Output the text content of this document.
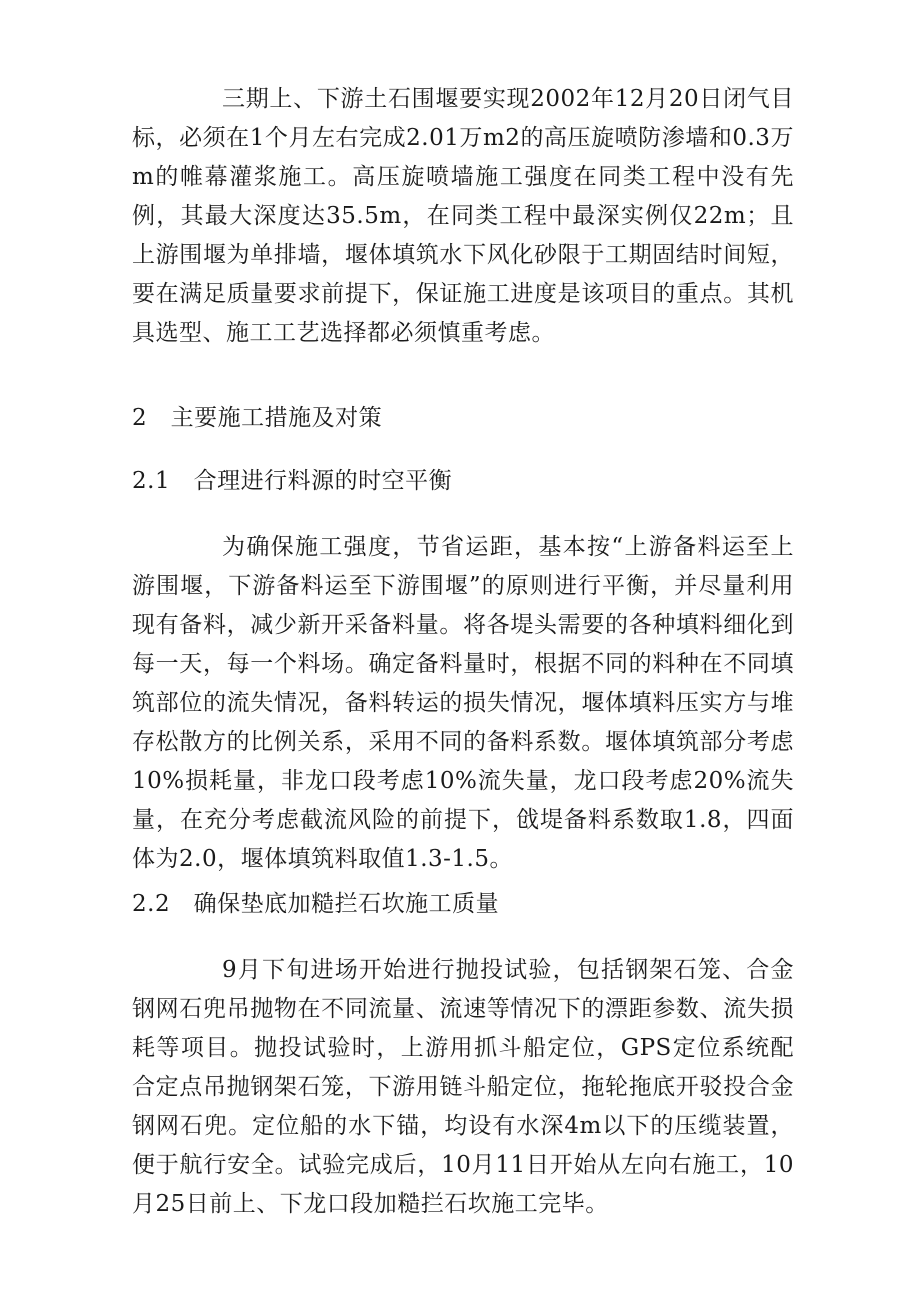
三期上、下游土石围堰要实现2002年12月20日闭气目标，必须在1个月左右完成2.01万m2的高压旋喷防渗墙和0.3万m的帷幕灌浆施工。高压旋喷墙施工强度在同类工程中没有先例，其最大深度达35.5m，在同类工程中最深实例仅22m；且上游围堰为单排墙，堰体填筑水下风化砂限于工期固结时间短，要在满足质量要求前提下，保证施工进度是该项目的重点。其机具选型、施工工艺选择都必须慎重考虑。

2　主要施工措施及对策
2.1　合理进行料源的时空平衡

为确保施工强度，节省运距，基本按“上游备料运至上游围堰，下游备料运至下游围堰”的原则进行平衡，并尽量利用现有备料，减少新开采备料量。将各堤头需要的各种填料细化到每一天，每一个料场。确定备料量时，根据不同的料种在不同填筑部位的流失情况，备料转运的损失情况，堰体填料压实方与堆存松散方的比例关系，采用不同的备料系数。堰体填筑部分考虑10%损耗量，非龙口段考虑10%流失量，龙口段考虑20%流失量，在充分考虑截流风险的前提下，戗堤备料系数取1.8，四面体为2.0，堰体填筑料取值1.3-1.5。

2.2　确保垫底加糙拦石坎施工质量

9月下旬进场开始进行抛投试验，包括钢架石笼、合金钢网石兜吊抛物在不同流量、流速等情况下的漂距参数、流失损耗等项目。抛投试验时，上游用抓斗船定位，GPS定位系统配合定点吊抛钢架石笼，下游用链斗船定位，拖轮拖底开驳投合金钢网石兜。定位船的水下锚，均设有水深4m以下的压缆装置，便于航行安全。试验完成后，10月11日开始从左向右施工，10月25日前上、下龙口段加糙拦石坎施工完毕。
